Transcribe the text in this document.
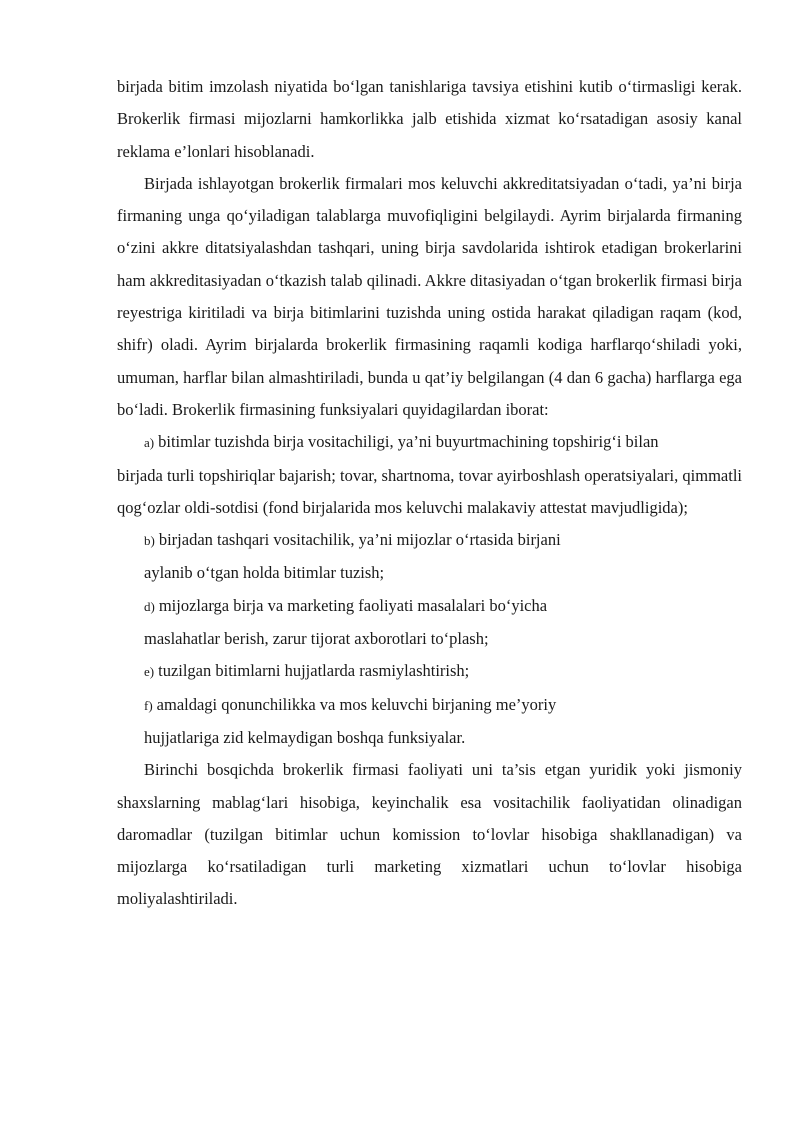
birjada bitim imzolash niyatida bo‘lgan tanishlariga tavsiya etishini kutib o‘tirmasligi kerak. Brokerlik firmasi mijozlarni hamkorlikka jalb etishida xizmat ko‘rsatadigan asosiy kanal reklama e’lonlari hisoblanadi.

Birjada ishlayotgan brokerlik firmalari mos keluvchi akkreditatsiyadan o‘tadi, ya’ni birja firmaning unga qo‘yiladigan talablarga muvofiqligini belgilaydi. Ayrim birjalarda firmaning o‘zini akkre ditatsiyalashdan tashqari, uning birja savdolarida ishtirok etadigan brokerlarini ham akkreditasiyadan o‘tkazish talab qilinadi. Akkre ditasiyadan o‘tgan brokerlik firmasi birja reyestriga kiritiladi va birja bitimlarini tuzishda uning ostida harakat qiladigan raqam (kod, shifr) oladi. Ayrim birjalarda brokerlik firmasining raqamli kodiga harflarqo‘shiladi yoki, umuman, harflar bilan almashtiriladi, bunda u qat’iy belgilangan (4 dan 6 gacha) harflarga ega bo‘ladi. Brokerlik firmasining funksiyalari quyidagilardan iborat:

a) bitimlar tuzishda birja vositachiligi, ya’ni buyurtmachining topshirig‘i bilan

birjada turli topshiriqlar bajarish; tovar, shartnoma, tovar ayirboshlash operatsiyalari, qimmatli qog‘ozlar oldi-sotdisi (fond birjalarida mos keluvchi malakaviy attestat mavjudligida);

b) birjadan tashqari vositachilik, ya’ni mijozlar o‘rtasida birjani

aylanib o‘tgan holda bitimlar tuzish;

d) mijozlarga birja va marketing faoliyati masalalari bo‘yicha

maslahatlar berish, zarur tijorat axborotlari to‘plash;

e) tuzilgan bitimlarni hujjatlarda rasmiylashtirish;

f) amaldagi qonunchilikka va mos keluvchi birjaning me’yoriy

hujjatlariga zid kelmaydigan boshqa funksiyalar.

Birinchi bosqichda brokerlik firmasi faoliyati uni ta’sis etgan yuridik yoki jismoniy shaxslarning mablag‘lari hisobiga, keyinchalik esa vositachilik faoliyatidan olinadigan daromadlar (tuzilgan bitimlar uchun komission to‘lovlar hisobiga shakllanadigan) va mijozlarga ko‘rsatiladigan turli marketing xizmatlari uchun to‘lovlar hisobiga moliyalashtiriladi.
